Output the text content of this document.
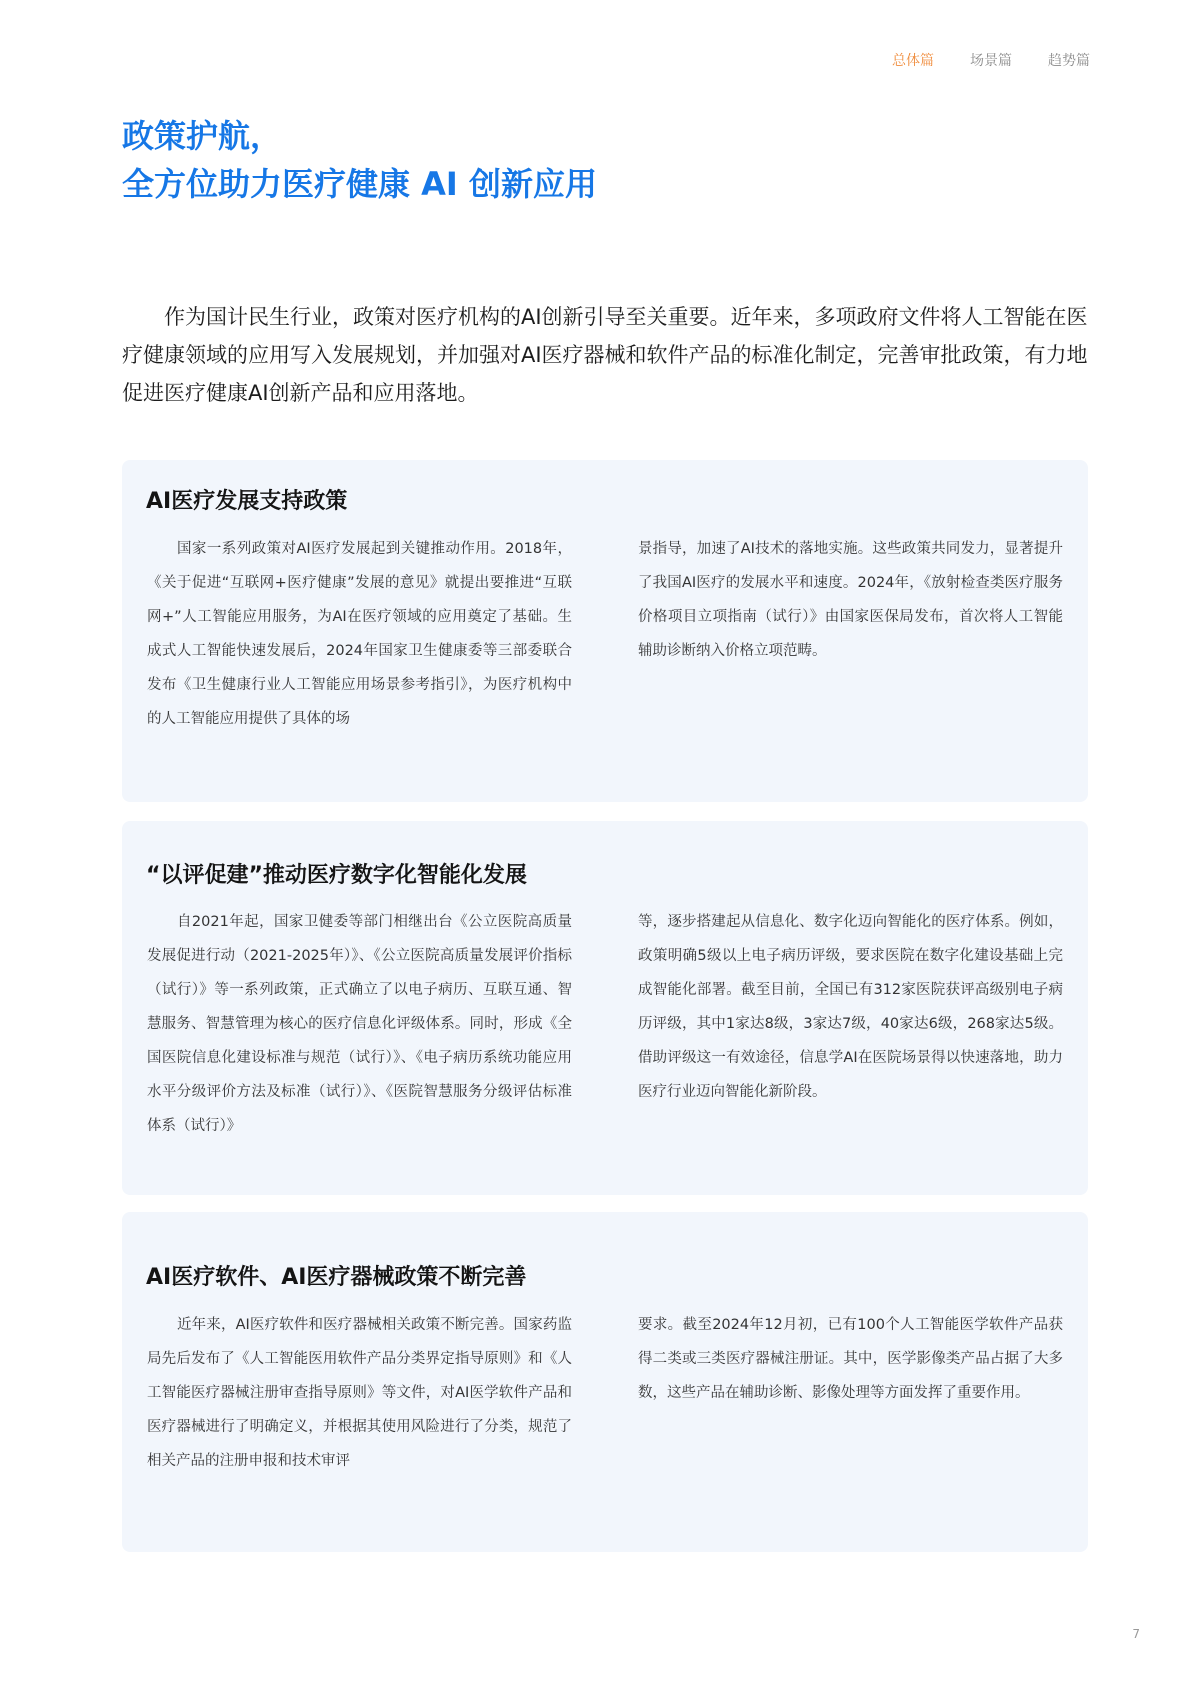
总体篇	场景篇	趋势篇
政策护航，
全方位助力医疗健康 AI 创新应用

作为国计民生行业，政策对医疗机构的AI创新引导至关重要。近年来，多项政府文件将人工智能在医疗健康领域的应用写入发展规划，并加强对AI医疗器械和软件产品的标准化制定，完善审批政策，有力地促进医疗健康AI创新产品和应用落地。

AI医疗发展支持政策

国家一系列政策对AI医疗发展起到关键推动作用。2018年，《关于促进“互联网+医疗健康”发展的意见》就提出要推进“互联网+”人工智能应用服务，为AI在医疗领域的应用奠定了基础。生成式人工智能快速发展后，2024年国家卫生健康委等三部委联合发布《卫生健康行业人工智能应用场景参考指引》，为医疗机构中的人工智能应用提供了具体的场

景指导，加速了AI技术的落地实施。这些政策共同发力，显著提升了我国AI医疗的发展水平和速度。2024年，《放射检查类医疗服务价格项目立项指南（试行）》由国家医保局发布，首次将人工智能辅助诊断纳入价格立项范畴。

“以评促建”推动医疗数字化智能化发展

自2021年起，国家卫健委等部门相继出台《公立医院高质量发展促进行动（2021-2025年）》、《公立医院高质量发展评价指标（试行）》等一系列政策，正式确立了以电子病历、互联互通、智慧服务、智慧管理为核心的医疗信息化评级体系。同时，形成《全国医院信息化建设标准与规范（试行）》、《电子病历系统功能应用水平分级评价方法及标准（试行）》、《医院智慧服务分级评估标准体系（试行）》

等，逐步搭建起从信息化、数字化迈向智能化的医疗体系。例如，政策明确5级以上电子病历评级，要求医院在数字化建设基础上完成智能化部署。截至目前，全国已有312家医院获评高级别电子病历评级，其中1家达8级，3家达7级，40家达6级，268家达5级。借助评级这一有效途径，信息学AI在医院场景得以快速落地，助力医疗行业迈向智能化新阶段。

AI医疗软件、AI医疗器械政策不断完善

近年来，AI医疗软件和医疗器械相关政策不断完善。国家药监局先后发布了《人工智能医用软件产品分类界定指导原则》和《人工智能医疗器械注册审查指导原则》等文件，对AI医学软件产品和医疗器械进行了明确定义，并根据其使用风险进行了分类，规范了相关产品的注册申报和技术审评

要求。截至2024年12月初，已有100个人工智能医学软件产品获得二类或三类医疗器械注册证。其中，医学影像类产品占据了大多数，这些产品在辅助诊断、影像处理等方面发挥了重要作用。

7
